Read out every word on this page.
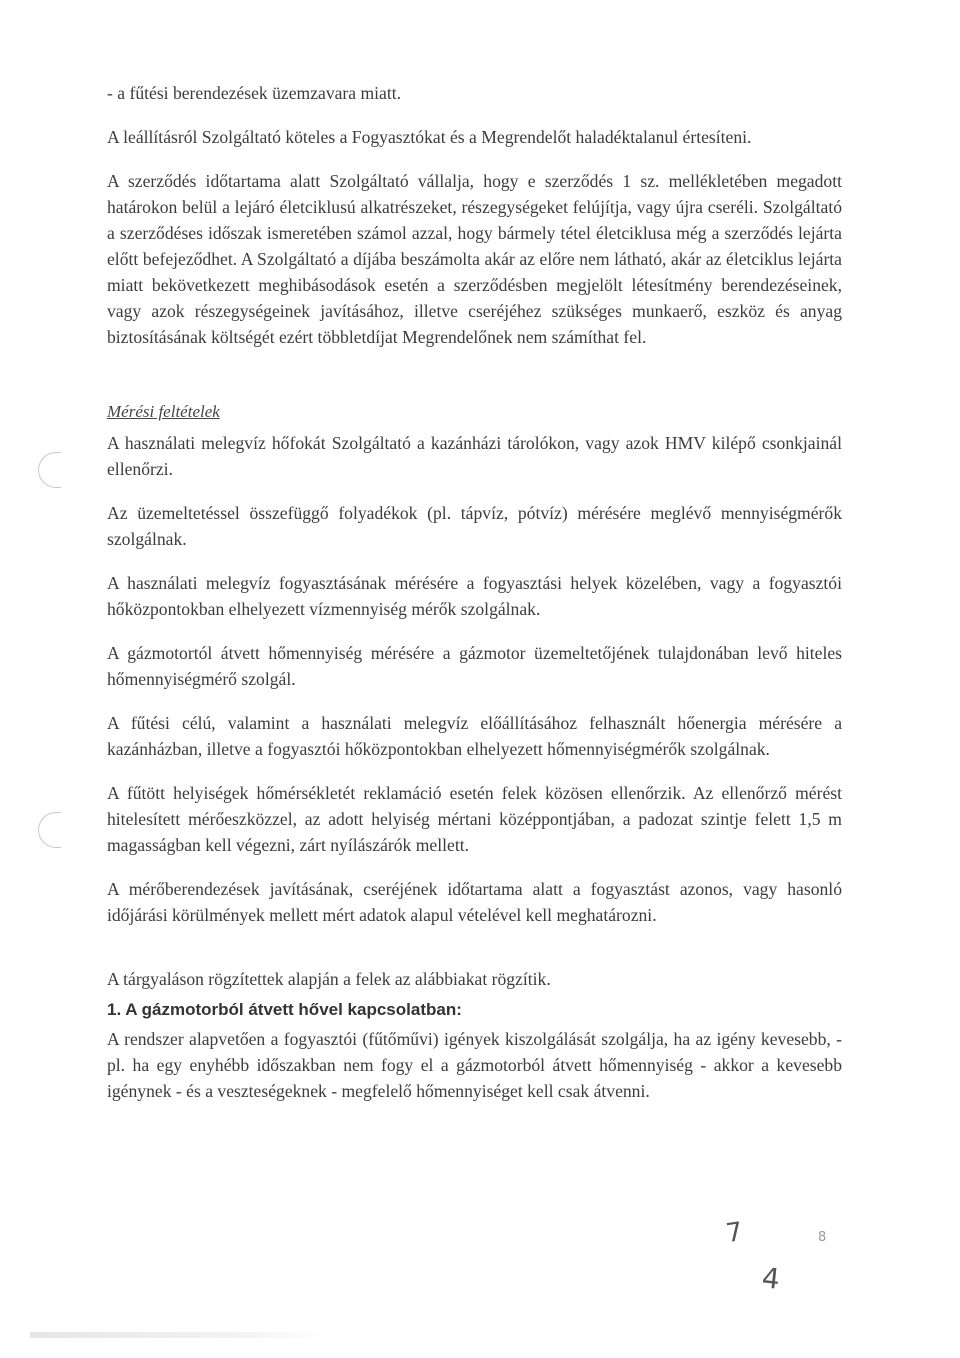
- a fűtési berendezések üzemzavara miatt.

A leállításról Szolgáltató köteles a Fogyasztókat és a Megrendelőt haladéktalanul értesíteni.

A szerződés időtartama alatt Szolgáltató vállalja, hogy e szerződés 1 sz. mellékletében megadott határokon belül a lejáró életciklusú alkatrészeket, részegységeket felújítja, vagy újra cseréli. Szolgáltató a szerződéses időszak ismeretében számol azzal, hogy bármely tétel életciklusa még a szerződés lejárta előtt befejeződhet. A Szolgáltató a díjába beszámolta akár az előre nem látható, akár az életciklus lejárta miatt bekövetkezett meghibásodások esetén a szerződésben megjelölt létesítmény berendezéseinek, vagy azok részegységeinek javításához, illetve cseréjéhez szükséges munkaerő, eszköz és anyag biztosításának költségét ezért többletdíjat Megrendelőnek nem számíthat fel.

Mérési feltételek

A használati melegvíz hőfokát Szolgáltató a kazánházi tárolókon, vagy azok HMV kilépő csonkjainál ellenőrzi.

Az üzemeltetéssel összefüggő folyadékok (pl. tápvíz, pótvíz) mérésére meglévő mennyiségmérők szolgálnak.

A használati melegvíz fogyasztásának mérésére a fogyasztási helyek közelében, vagy a fogyasztói hőközpontokban elhelyezett vízmennyiség mérők szolgálnak.

A gázmotortól átvett hőmennyiség mérésére a gázmotor üzemeltetőjének tulajdonában levő hiteles hőmennyiségmérő szolgál.

A fűtési célú, valamint a használati melegvíz előállításához felhasznált hőenergia mérésére a kazánházban, illetve a fogyasztói hőközpontokban elhelyezett hőmennyiségmérők szolgálnak.

A fűtött helyiségek hőmérsékletét reklamáció esetén felek közösen ellenőrzik. Az ellenőrző mérést hitelesített mérőeszközzel, az adott helyiség mértani középpontjában, a padozat szintje felett 1,5 m magasságban kell végezni, zárt nyílászárók mellett.

A mérőberendezések javításának, cseréjének időtartama alatt a fogyasztást azonos, vagy hasonló időjárási körülmények mellett mért adatok alapul vételével kell meghatározni.

A tárgyaláson rögzítettek alapján a felek az alábbiakat rögzítik.

1. A gázmotorból átvett hővel kapcsolatban:

A rendszer alapvetően a fogyasztói (fűtőművi) igények kiszolgálását szolgálja, ha az igény kevesebb, - pl. ha egy enyhébb időszakban nem fogy el a gázmotorból átvett hőmennyiség - akkor a kevesebb igénynek - és a veszteségeknek - megfelelő hőmennyiséget kell csak átvenni.

7	8
4
